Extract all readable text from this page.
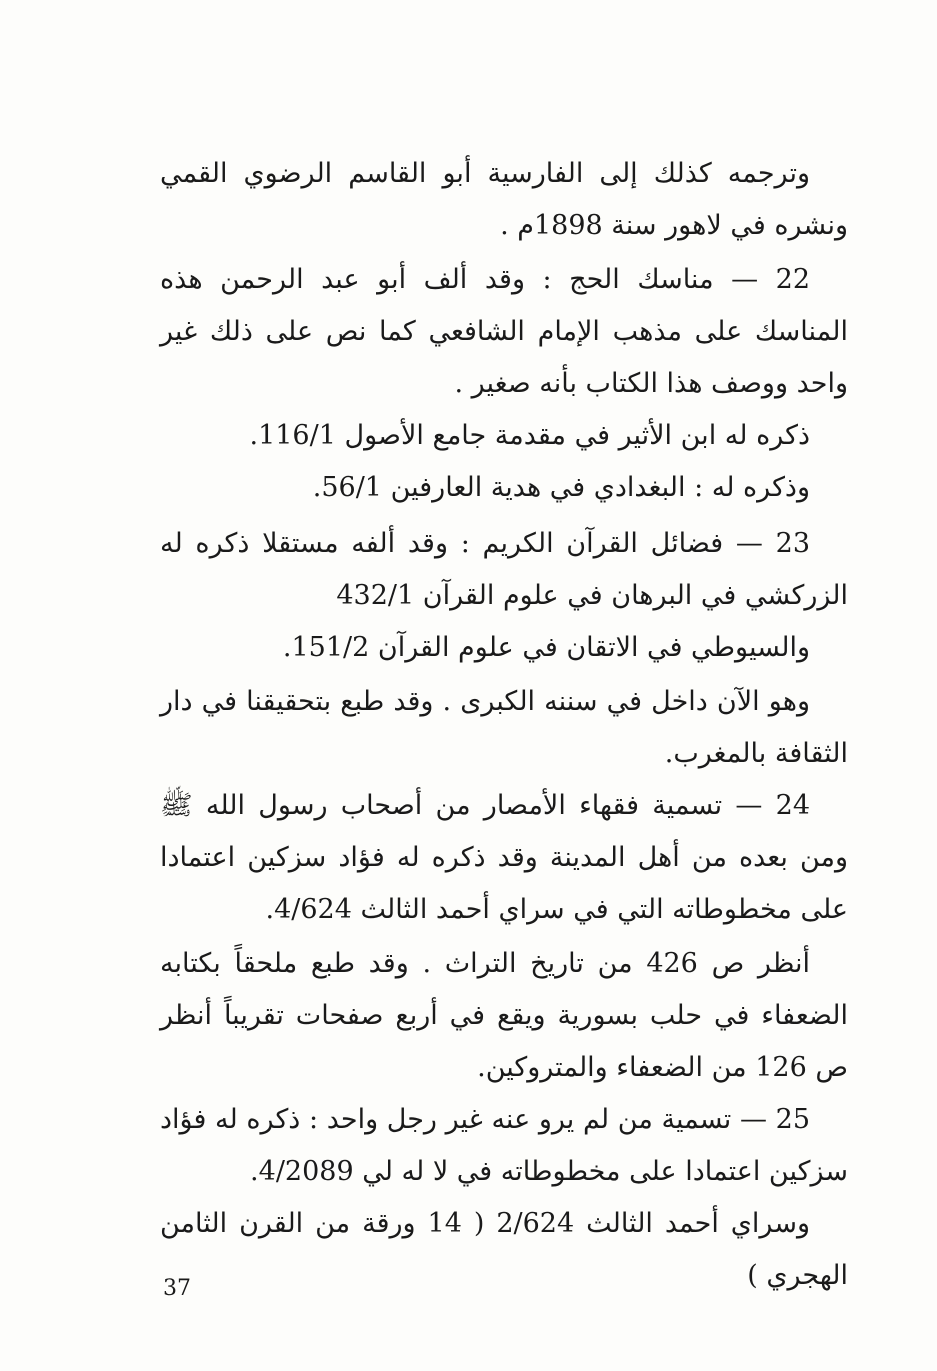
وترجمه كذلك إلى الفارسية أبو القاسم الرضوي القمي ونشره في لاهور سنة 1898م .

22 — مناسك الحج : وقد ألف أبو عبد الرحمن هذه المناسك على مذهب الإمام الشافعي كما نص على ذلك غير واحد ووصف هذا الكتاب بأنه صغير .

ذكره له ابن الأثير في مقدمة جامع الأصول 116/1.
وذكره له : البغدادي في هدية العارفين 56/1.

23 — فضائل القرآن الكريم : وقد ألفه مستقلا ذكره له الزركشي في البرهان في علوم القرآن 432/1

والسيوطي في الاتقان في علوم القرآن 151/2.

وهو الآن داخل في سننه الكبرى . وقد طبع بتحقيقنا في دار الثقافة بالمغرب.

24 — تسمية فقهاء الأمصار من أصحاب رسول الله ﷺ ومن بعده من أهل المدينة وقد ذكره له فؤاد سزكين اعتمادا على مخطوطاته التي في سراي أحمد الثالث 4/624.

أنظر ص 426 من تاريخ التراث . وقد طبع ملحقاً بكتابه الضعفاء في حلب بسورية ويقع في أربع صفحات تقريباً أنظر ص 126 من الضعفاء والمتروكين.

25 — تسمية من لم يرو عنه غير رجل واحد : ذكره له فؤاد سزكين اعتمادا على مخطوطاته في لا له لي 4/2089.

وسراي أحمد الثالث 2/624 ( 14 ورقة من القرن الثامن الهجري )

37
